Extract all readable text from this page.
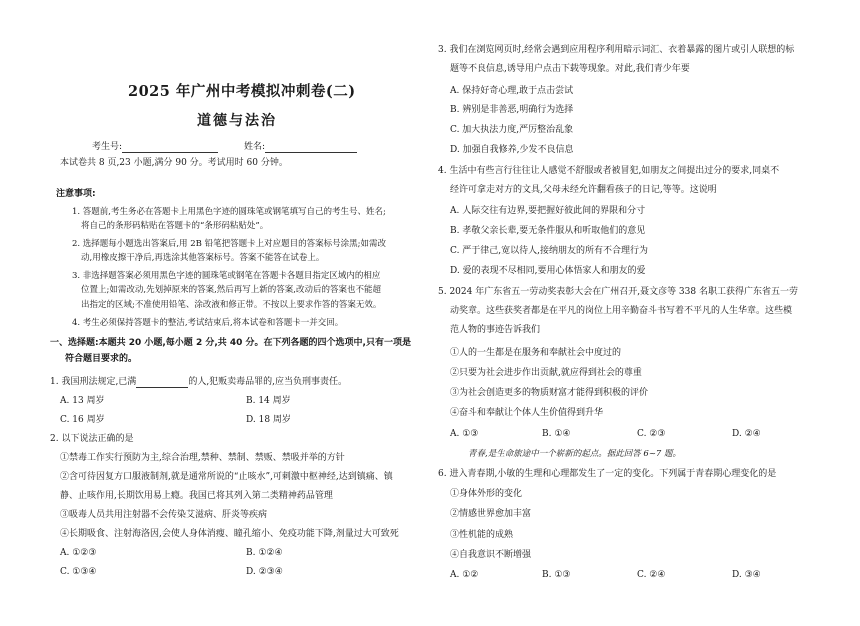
2025 年广州中考模拟冲刺卷(二)
道德与法治
考生号:	姓名:
本试卷共 8 页,23 小题,满分 90 分。考试用时 60 分钟。
注意事项:
1. 答题前,考生务必在答题卡上用黑色字迹的圆珠笔或钢笔填写自己的考生号、姓名;
将自己的条形码粘贴在答题卡的“条形码粘贴处”。
2. 选择题每小题选出答案后,用 2B 铅笔把答题卡上对应题目的答案标号涂黑;如需改
动,用橡皮擦干净后,再选涂其他答案标号。答案不能答在试卷上。
3. 非选择题答案必须用黑色字迹的圆珠笔或钢笔在答题卡各题目指定区域内的相应
位置上;如需改动,先划掉原来的答案,然后再写上新的答案,改动后的答案也不能超
出指定的区域;不准使用铅笔、涂改液和修正带。不按以上要求作答的答案无效。
4. 考生必须保持答题卡的整洁,考试结束后,将本试卷和答题卡一并交回。
一、选择题:本题共 20 小题,每小题 2 分,共 40 分。在下列各题的四个选项中,只有一项是
符合题目要求的。
1. 我国刑法规定,已满	的人,犯贩卖毒品罪的,应当负刑事责任。
A. 13 周岁	B. 14 周岁
C. 16 周岁	D. 18 周岁
2. 以下说法正确的是
①禁毒工作实行预防为主,综合治理,禁种、禁制、禁贩、禁吸并举的方针
②含可待因复方口服液制剂,就是通常所说的“止咳水”,可刺激中枢神经,达到镇痛、镇
静、止咳作用,长期饮用易上瘾。我国已将其列入第二类精神药品管理
③吸毒人员共用注射器不会传染艾滋病、肝炎等疾病
④长期吸食、注射海洛因,会使人身体消瘦、瞳孔缩小、免疫功能下降,剂量过大可致死
A. ①②③	B. ①②④
C. ①③④	D. ②③④
3. 我们在浏览网页时,经常会遇到应用程序利用暗示词汇、衣着暴露的图片或引人联想的标
题等不良信息,诱导用户点击下载等现象。对此,我们青少年要
A. 保持好奇心理,敢于点击尝试
B. 辨别是非善恶,明确行为选择
C. 加大执法力度,严厉整治乱象
D. 加强自我修养,少发不良信息
4. 生活中有些言行往往让人感觉不舒服或者被冒犯,如朋友之间提出过分的要求,同桌不
经许可拿走对方的文具,父母未经允许翻看孩子的日记,等等。这说明
A. 人际交往有边界,要把握好彼此间的界限和分寸
B. 孝敬父亲长辈,要无条件服从和听取他们的意见
C. 严于律己,宽以待人,接纳朋友的所有不合理行为
D. 爱的表现不尽相同,要用心体悟家人和朋友的爱
5. 2024 年广东省五一劳动奖表彰大会在广州召开,聂文彦等 338 名职工获得广东省五一劳
动奖章。这些获奖者都是在平凡的岗位上用辛勤奋斗书写着不平凡的人生华章。这些模
范人物的事迹告诉我们
①人的一生都是在服务和奉献社会中度过的
②只要为社会进步作出贡献,就应得到社会的尊重
③为社会创造更多的物质财富才能得到积极的评价
④奋斗和奉献让个体人生价值得到升华
A. ①③	B. ①④	C. ②③	D. ②④
青春,是生命旅途中一个崭新的起点。据此回答 6~7 题。
6. 进入青春期,小敏的生理和心理都发生了一定的变化。下列属于青春期心理变化的是
①身体外形的变化
②情感世界愈加丰富
③性机能的成熟
④自我意识不断增强
A. ①②	B. ①③	C. ②④	D. ③④
